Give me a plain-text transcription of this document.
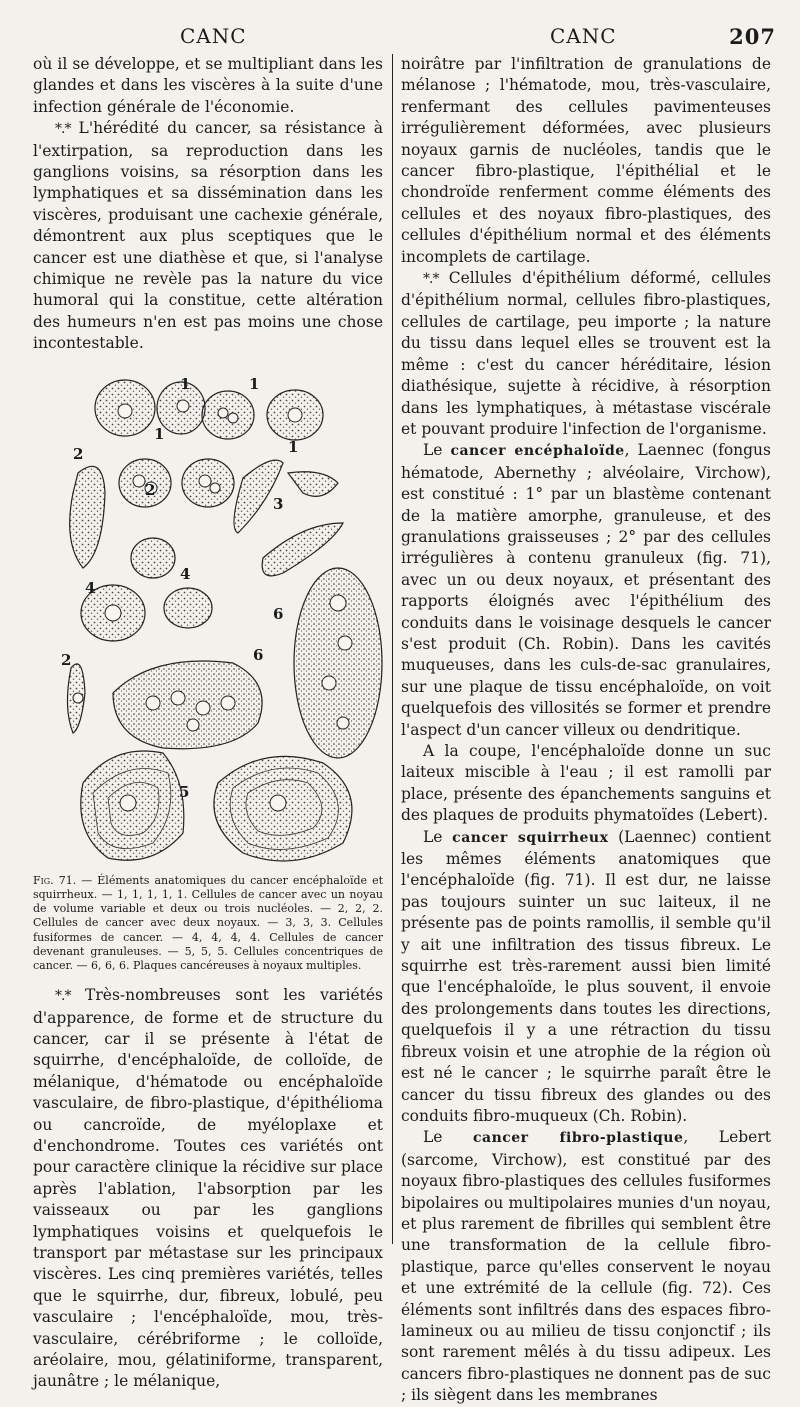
CANC	CANC	207

où il se développe, et se multipliant dans les glandes et dans les viscères à la suite d'une infection générale de l'économie.

*.* L'hérédité du cancer, sa résistance à l'extirpation, sa reproduction dans les ganglions voisins, sa résorption dans les lymphatiques et sa dissémination dans les viscères, produisant une cachexie générale, démontrent aux plus sceptiques que le cancer est une diathèse et que, si l'analyse chimique ne revèle pas la nature du vice humoral qui la constitue, cette altération des humeurs n'en est pas moins une chose incontestable.

1	1
1
1
2
2
3
4
4
2	6
6
5

Fig. 71. — Éléments anatomiques du cancer encéphaloïde et squirrheux. — 1, 1, 1, 1, 1. Cellules de cancer avec un noyau de volume variable et deux ou trois nucléoles. — 2, 2, 2. Cellules de cancer avec deux noyaux. — 3, 3, 3. Cellules fusiformes de cancer. — 4, 4, 4, 4. Cellules de cancer devenant granuleuses. — 5, 5, 5. Cellules concentriques de cancer. — 6, 6, 6. Plaques cancéreuses à noyaux multiples.

*.* Très-nombreuses sont les variétés d'apparence, de forme et de structure du cancer, car il se présente à l'état de squirrhe, d'encéphaloïde, de colloïde, de mélanique, d'hématode ou encéphaloïde vasculaire, de fibro-plastique, d'épithélioma ou cancroïde, de myéloplaxe et d'enchondrome. Toutes ces variétés ont pour caractère clinique la récidive sur place après l'ablation, l'absorption par les vaisseaux ou par les ganglions lymphatiques voisins et quelquefois le transport par métastase sur les principaux viscères. Les cinq premières variétés, telles que le squirrhe, dur, fibreux, lobulé, peu vasculaire ; l'encéphaloïde, mou, très-vasculaire, cérébriforme ; le colloïde, aréolaire, mou, gélatiniforme, transparent, jaunâtre ; le mélanique,

noirâtre par l'infiltration de granulations de mélanose ; l'hématode, mou, très-vasculaire, renfermant des cellules pavimenteuses irrégulièrement déformées, avec plusieurs noyaux garnis de nucléoles, tandis que le cancer fibro-plastique, l'épithélial et le chondroïde renferment comme éléments des cellules et des noyaux fibro-plastiques, des cellules d'épithélium normal et des éléments incomplets de cartilage.

*.* Cellules d'épithélium déformé, cellules d'épithélium normal, cellules fibro-plastiques, cellules de cartilage, peu importe ; la nature du tissu dans lequel elles se trouvent est la même : c'est du cancer héréditaire, lésion diathésique, sujette à récidive, à résorption dans les lymphatiques, à métastase viscérale et pouvant produire l'infection de l'organisme.

Le cancer encéphaloïde, Laennec (fongus hématode, Abernethy ; alvéolaire, Virchow), est constitué : 1° par un blastème contenant de la matière amorphe, granuleuse, et des granulations graisseuses ; 2° par des cellules irrégulières à contenu granuleux (fig. 71), avec un ou deux noyaux, et présentant des rapports éloignés avec l'épithélium des conduits dans le voisinage desquels le cancer s'est produit (Ch. Robin). Dans les cavités muqueuses, dans les culs-de-sac granulaires, sur une plaque de tissu encéphaloïde, on voit quelquefois des villosités se former et prendre l'aspect d'un cancer villeux ou dendritique.

A la coupe, l'encéphaloïde donne un suc laiteux miscible à l'eau ; il est ramolli par place, présente des épanchements sanguins et des plaques de produits phymatoïdes (Lebert).

Le cancer squirrheux (Laennec) contient les mêmes éléments anatomiques que l'encéphaloïde (fig. 71). Il est dur, ne laisse pas toujours suinter un suc laiteux, il ne présente pas de points ramollis, il semble qu'il y ait une infiltration des tissus fibreux. Le squirrhe est très-rarement aussi bien limité que l'encéphaloïde, le plus souvent, il envoie des prolongements dans toutes les directions, quelquefois il y a une rétraction du tissu fibreux voisin et une atrophie de la région où est né le cancer ; le squirrhe paraît être le cancer du tissu fibreux des glandes ou des conduits fibro-muqueux (Ch. Robin).

Le cancer fibro-plastique, Lebert (sarcome, Virchow), est constitué par des noyaux fibro-plastiques des cellules fusiformes bipolaires ou multipolaires munies d'un noyau, et plus rarement de fibrilles qui semblent être une transformation de la cellule fibro-plastique, parce qu'elles conservent le noyau et une extrémité de la cellule (fig. 72). Ces éléments sont infiltrés dans des espaces fibro-lamineux ou au milieu de tissu conjonctif ; ils sont rarement mêlés à du tissu adipeux. Les cancers fibro-plastiques ne donnent pas de suc ; ils siègent dans les membranes
